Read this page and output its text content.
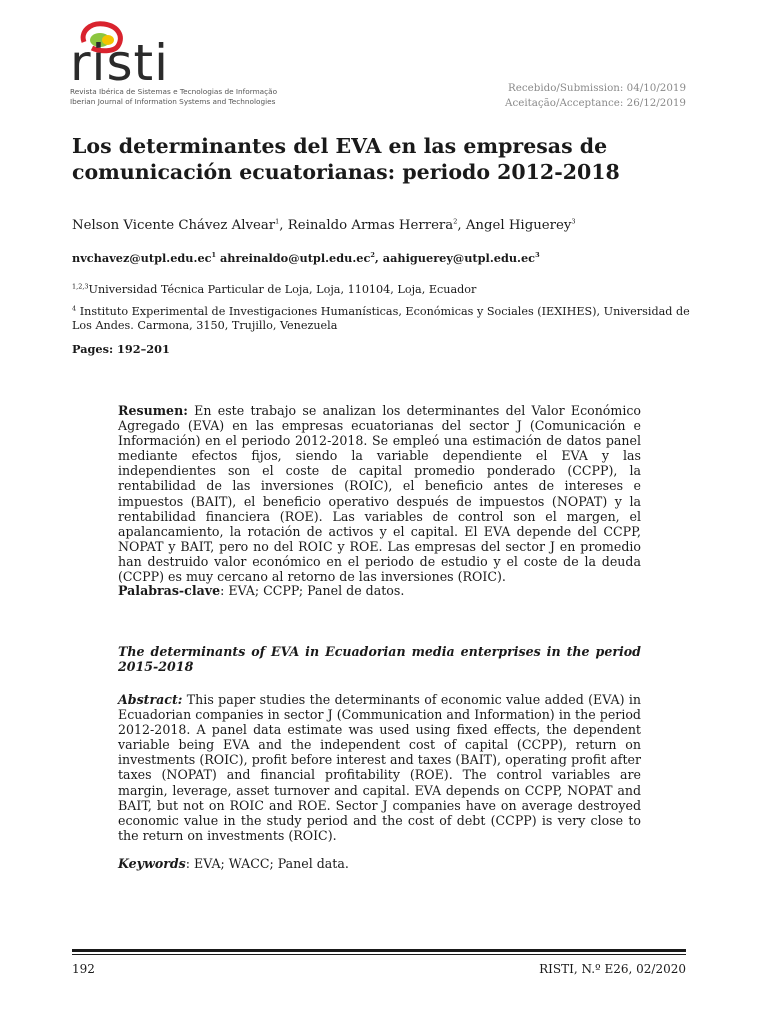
risti
Revista Ibérica de Sistemas e Tecnologias de Informação
Iberian Journal of Information Systems and Technologies
Recebido/Submission: 04/10/2019
Aceitação/Acceptance: 26/12/2019
Los determinantes del EVA en las empresas de
comunicación ecuatorianas: periodo 2012-2018
Nelson Vicente Chávez Alvear$^1$, Reinaldo Armas Herrera$^2$, Angel Higuerey$^3$
$nvchavez@utpl.edu.ec^1$ $ahreinaldo@utpl.edu.ec^2$, $aahiguerey@utpl.edu.ec^3$
$^{1,2,3}$Universidad Técnica Particular de Loja, Loja, 110104, Loja, Ecuador
$^4$ Instituto Experimental de Investigaciones Humanísticas, Económicas y Sociales (IEXIHES), Universidad de Los Andes. Carmona, 3150, Trujillo, Venezuela
Pages: 192–201
Resumen: En este trabajo se analizan los determinantes del Valor Económico Agregado (EVA) en las empresas ecuatorianas del sector J (Comunicación e Información) en el periodo 2012-2018. Se empleó una estimación de datos panel mediante efectos fijos, siendo la variable dependiente el EVA y las independientes son el coste de capital promedio ponderado (CCPP), la rentabilidad de las inversiones (ROIC), el beneficio antes de intereses e impuestos (BAIT), el beneficio operativo después de impuestos (NOPAT) y la rentabilidad financiera (ROE). Las variables de control son el margen, el apalancamiento, la rotación de activos y el capital. El EVA depende del CCPP, NOPAT y BAIT, pero no del ROIC y ROE. Las empresas del sector J en promedio han destruido valor económico en el periodo de estudio y el coste de la deuda (CCPP) es muy cercano al retorno de las inversiones (ROIC).
Palabras-clave: EVA; CCPP; Panel de datos.
The determinants of EVA in Ecuadorian media enterprises in the period 2015-2018
Abstract: This paper studies the determinants of economic value added (EVA) in Ecuadorian companies in sector J (Communication and Information) in the period 2012-2018. A panel data estimate was used using fixed effects, the dependent variable being EVA and the independent cost of capital (CCPP), return on investments (ROIC), profit before interest and taxes (BAIT), operating profit after taxes (NOPAT) and financial profitability (ROE). The control variables are margin, leverage, asset turnover and capital. EVA depends on CCPP, NOPAT and BAIT, but not on ROIC and ROE. Sector J companies have on average destroyed economic value in the study period and the cost of debt (CCPP) is very close to the return on investments (ROIC).
Keywords: EVA; WACC; Panel data.
192	RISTI, N.º E26, 02/2020
